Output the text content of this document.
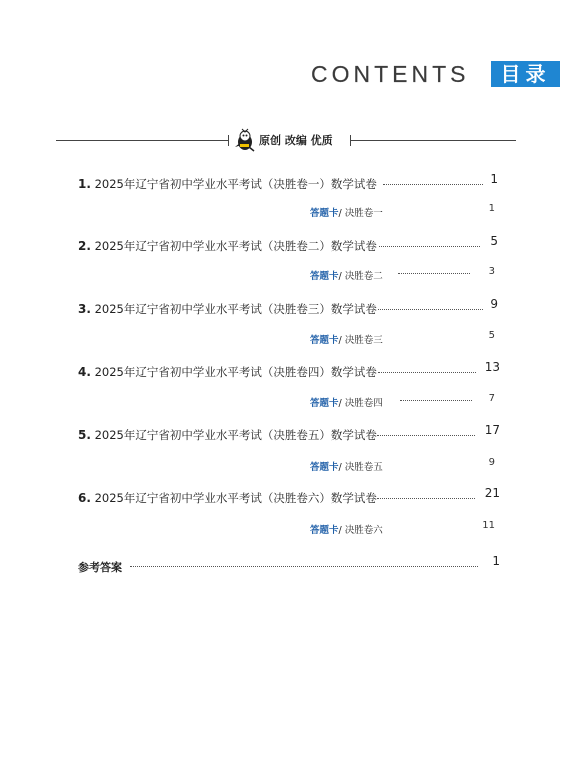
CONTENTS	目录
原创 改编 优质
1. 2025年辽宁省初中学业水平考试（决胜卷一）数学试卷	1
答题卡/ 决胜卷一	1
2. 2025年辽宁省初中学业水平考试（决胜卷二）数学试卷	5
答题卡/ 决胜卷二	3
3. 2025年辽宁省初中学业水平考试（决胜卷三）数学试卷	9
答题卡/ 决胜卷三	5
4. 2025年辽宁省初中学业水平考试（决胜卷四）数学试卷	13
答题卡/ 决胜卷四	7
5. 2025年辽宁省初中学业水平考试（决胜卷五）数学试卷	17
答题卡/ 决胜卷五	9
6. 2025年辽宁省初中学业水平考试（决胜卷六）数学试卷	21
答题卡/ 决胜卷六	11
参考答案	1
